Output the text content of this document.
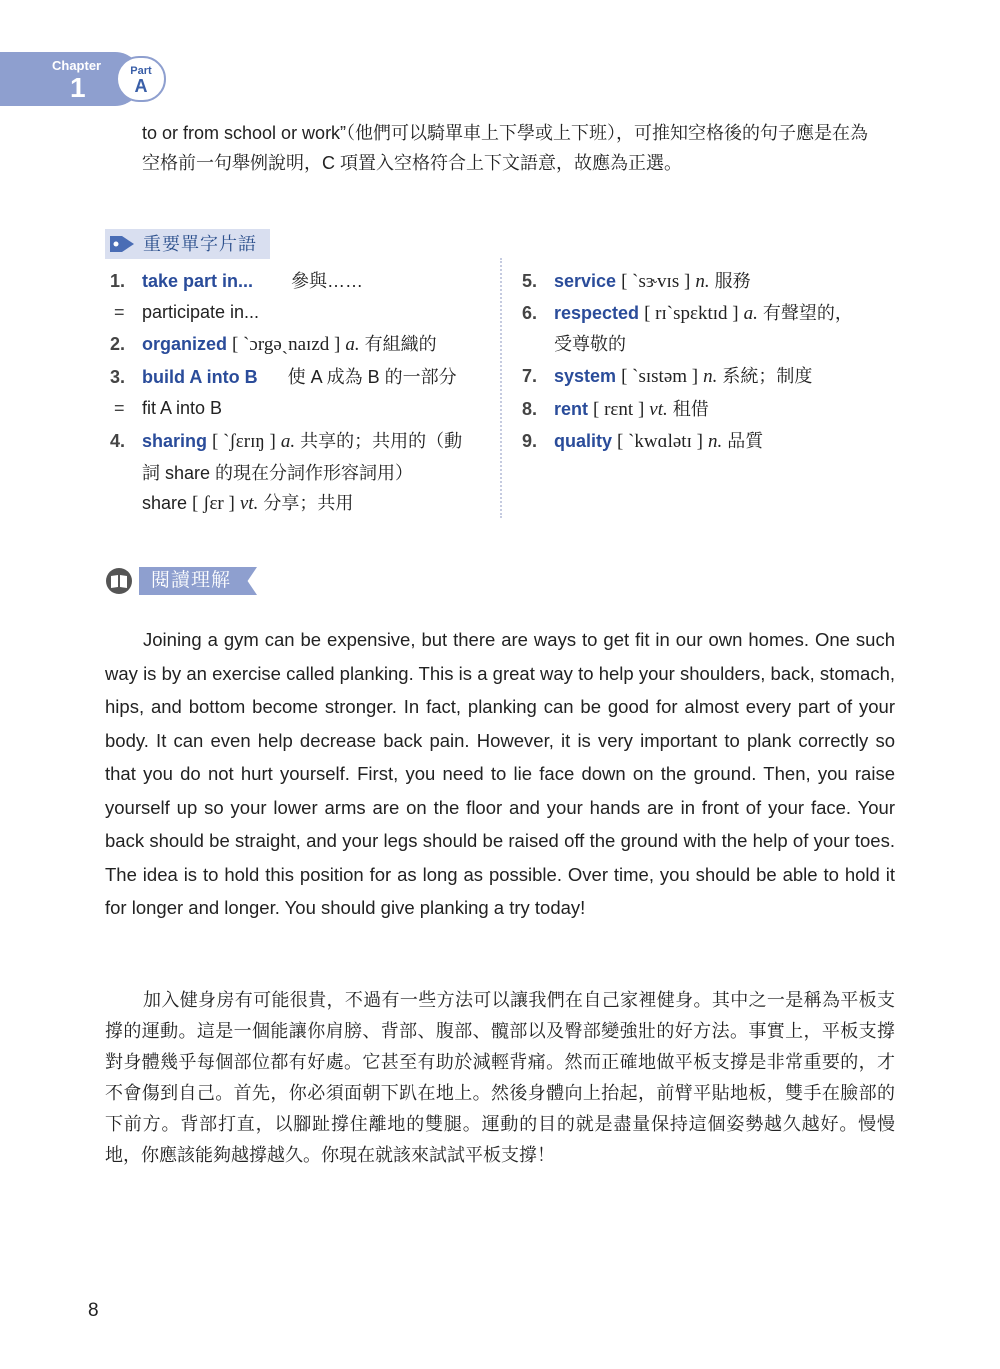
Chapter
1
Part
A

to or from school or work”（他們可以騎單車上下學或上下班），可推知空格後的句子應是在為

空格前一句舉例說明，C 項置入空格符合上下文語意，故應為正選。

重要單字片語
1. take part in... 參與……
= participate in...
2. organized [ ˋɔrgəˏnaɪzd ] a. 有組織的
3. build A into B 使 A 成為 B 的一部分
= fit A into B
4. sharing [ ˋʃɛrɪŋ ] a. 共享的；共用的（動
詞 share 的現在分詞作形容詞用）
share [ ʃɛr ] vt. 分享；共用
5. service [ ˋsɝvɪs ] n. 服務
6. respected [ rɪˋspɛktɪd ] a. 有聲望的，
受尊敬的
7. system [ ˋsɪstəm ] n. 系統；制度
8. rent [ rɛnt ] vt. 租借
9. quality [ ˋkwɑlətɪ ] n. 品質
閱讀理解

Joining a gym can be expensive, but there are ways to get fit in our own homes. One such way is by an exercise called planking. This is a great way to help your shoulders, back, stomach, hips, and bottom become stronger. In fact, planking can be good for almost every part of your body. It can even help decrease back pain. However, it is very important to plank correctly so that you do not hurt yourself. First, you need to lie face down on the ground. Then, you raise yourself up so your lower arms are on the floor and your hands are in front of your face. Your back should be straight, and your legs should be raised off the ground with the help of your toes. The idea is to hold this position for as long as possible. Over time, you should be able to hold it for longer and longer. You should give planking a try today!

加入健身房有可能很貴，不過有一些方法可以讓我們在自己家裡健身。其中之一是稱為平板支撐的運動。這是一個能讓你肩膀、背部、腹部、髖部以及臀部變強壯的好方法。事實上，平板支撐對身體幾乎每個部位都有好處。它甚至有助於減輕背痛。然而正確地做平板支撐是非常重要的，才不會傷到自己。首先，你必須面朝下趴在地上。然後身體向上抬起，前臂平貼地板，雙手在臉部的下前方。背部打直，以腳趾撐住離地的雙腿。運動的目的就是盡量保持這個姿勢越久越好。慢慢地，你應該能夠越撐越久。你現在就該來試試平板支撐！

8
